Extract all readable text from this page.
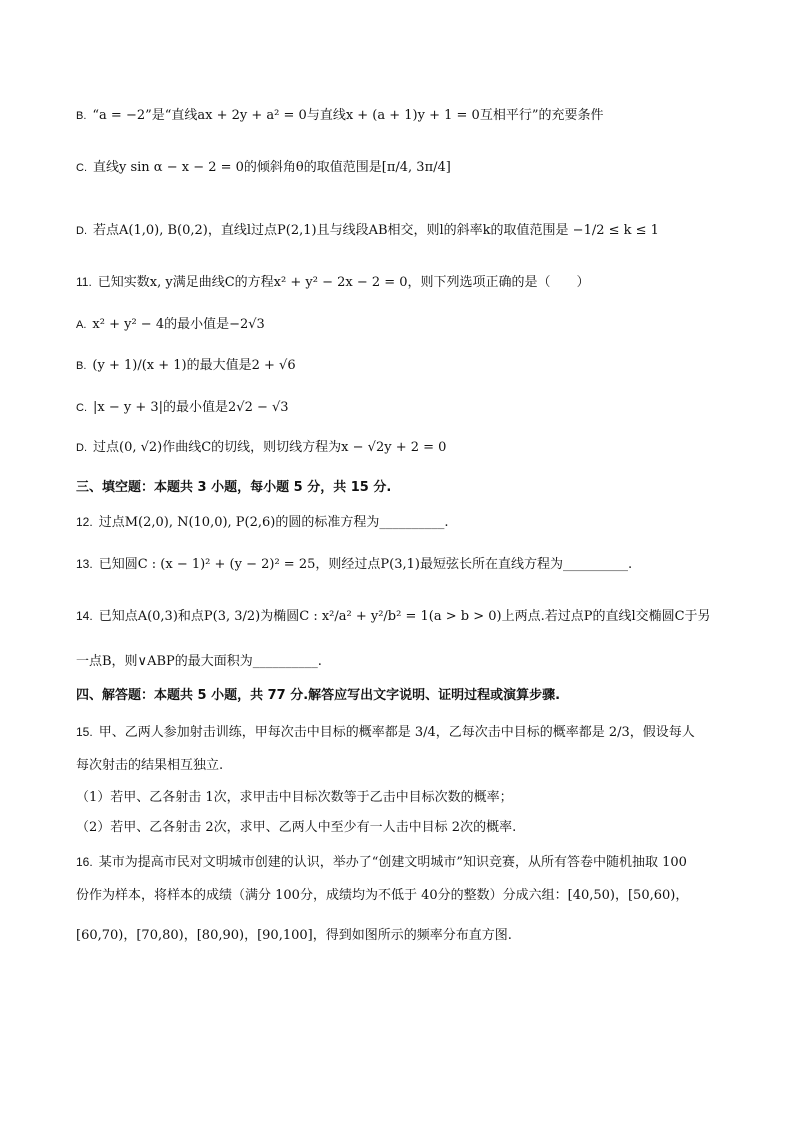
B. “a = −2”是“直线ax + 2y + a² = 0与直线x + (a + 1)y + 1 = 0互相平行”的充要条件
C. 直线y sin α − x − 2 = 0的倾斜角θ的取值范围是[π/4, 3π/4]
D. 若点A(1,0), B(0,2)，直线l过点P(2,1)且与线段AB相交，则l的斜率k的取值范围是 −1/2 ≤ k ≤ 1
11. 已知实数x, y满足曲线C的方程x² + y² − 2x − 2 = 0，则下列选项正确的是（　　）
A. x² + y² − 4的最小值是−2√3
B. (y + 1)/(x + 1)的最大值是2 + √6
C. |x − y + 3|的最小值是2√2 − √3
D. 过点(0, √2)作曲线C的切线，则切线方程为x − √2y + 2 = 0
三、填空题：本题共 3 小题，每小题 5 分，共 15 分.
12. 过点M(2,0), N(10,0), P(2,6)的圆的标准方程为__________.
13. 已知圆C : (x − 1)² + (y − 2)² = 25，则经过点P(3,1)最短弦长所在直线方程为__________.
14. 已知点A(0,3)和点P(3, 3/2)为椭圆C : x²/a² + y²/b² = 1(a > b > 0)上两点.若过点P的直线l交椭圆C于另
一点B，则∨ABP的最大面积为__________.
四、解答题：本题共 5 小题，共 77 分.解答应写出文字说明、证明过程或演算步骤.
15. 甲、乙两人参加射击训练，甲每次击中目标的概率都是 3/4，乙每次击中目标的概率都是 2/3，假设每人
每次射击的结果相互独立.
（1）若甲、乙各射击 1次，求甲击中目标次数等于乙击中目标次数的概率；
（2）若甲、乙各射击 2次，求甲、乙两人中至少有一人击中目标 2次的概率.
16. 某市为提高市民对文明城市创建的认识，举办了“创建文明城市”知识竞赛，从所有答卷中随机抽取 100
份作为样本，将样本的成绩（满分 100分，成绩均为不低于 40分的整数）分成六组：[40,50)，[50,60)，
[60,70)，[70,80)，[80,90)，[90,100]，得到如图所示的频率分布直方图.
